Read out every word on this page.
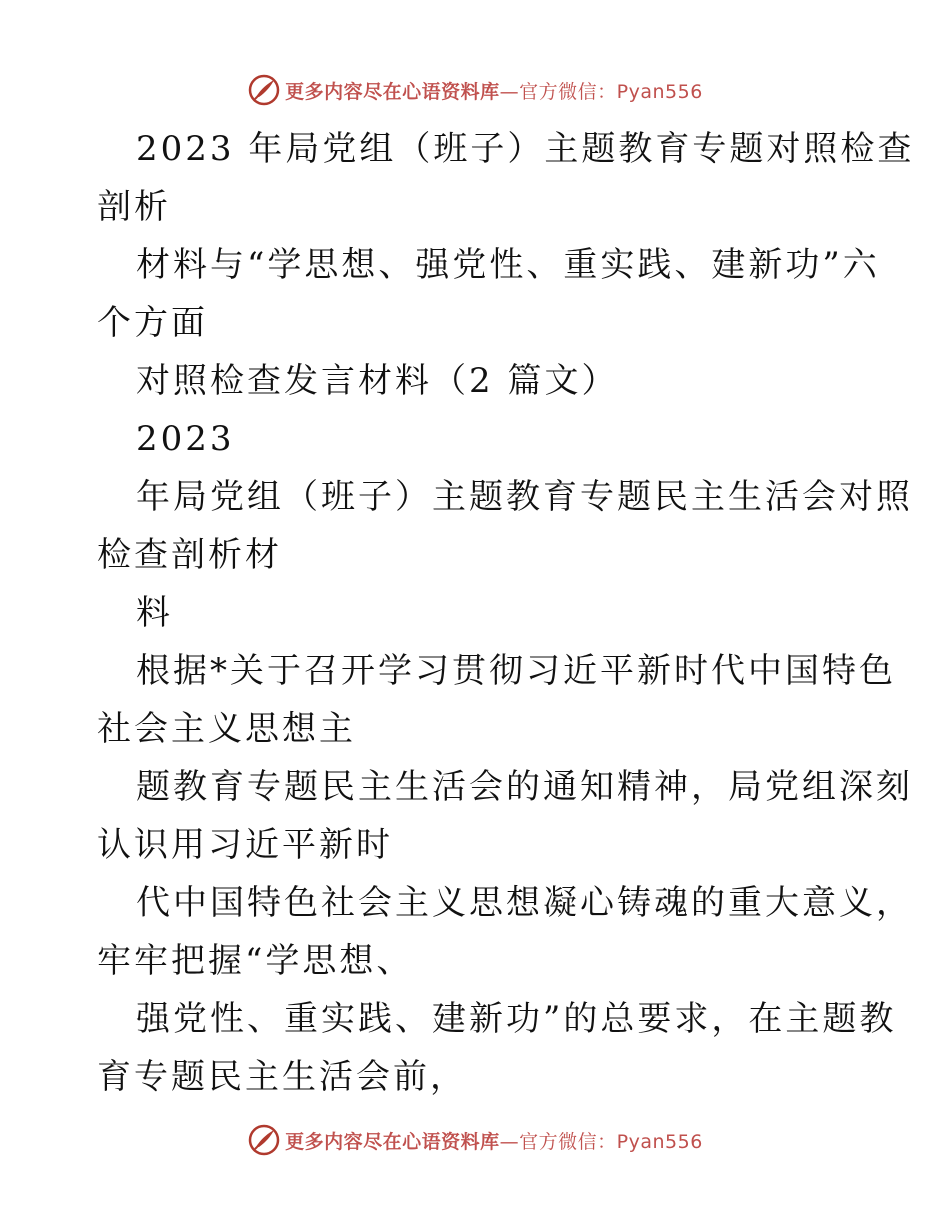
更多内容尽在心语资料库—官方微信：Pyan556
2023 年局党组（班子）主题教育专题对照检查
剖析
材料与“学思想、强党性、重实践、建新功”六
个方面
对照检查发言材料（2 篇文）
2023
年局党组（班子）主题教育专题民主生活会对照
检查剖析材
料
根据*关于召开学习贯彻习近平新时代中国特色
社会主义思想主
题教育专题民主生活会的通知精神，局党组深刻
认识用习近平新时
代中国特色社会主义思想凝心铸魂的重大意义，
牢牢把握“学思想、
强党性、重实践、建新功”的总要求，在主题教
育专题民主生活会前，
更多内容尽在心语资料库—官方微信：Pyan556
